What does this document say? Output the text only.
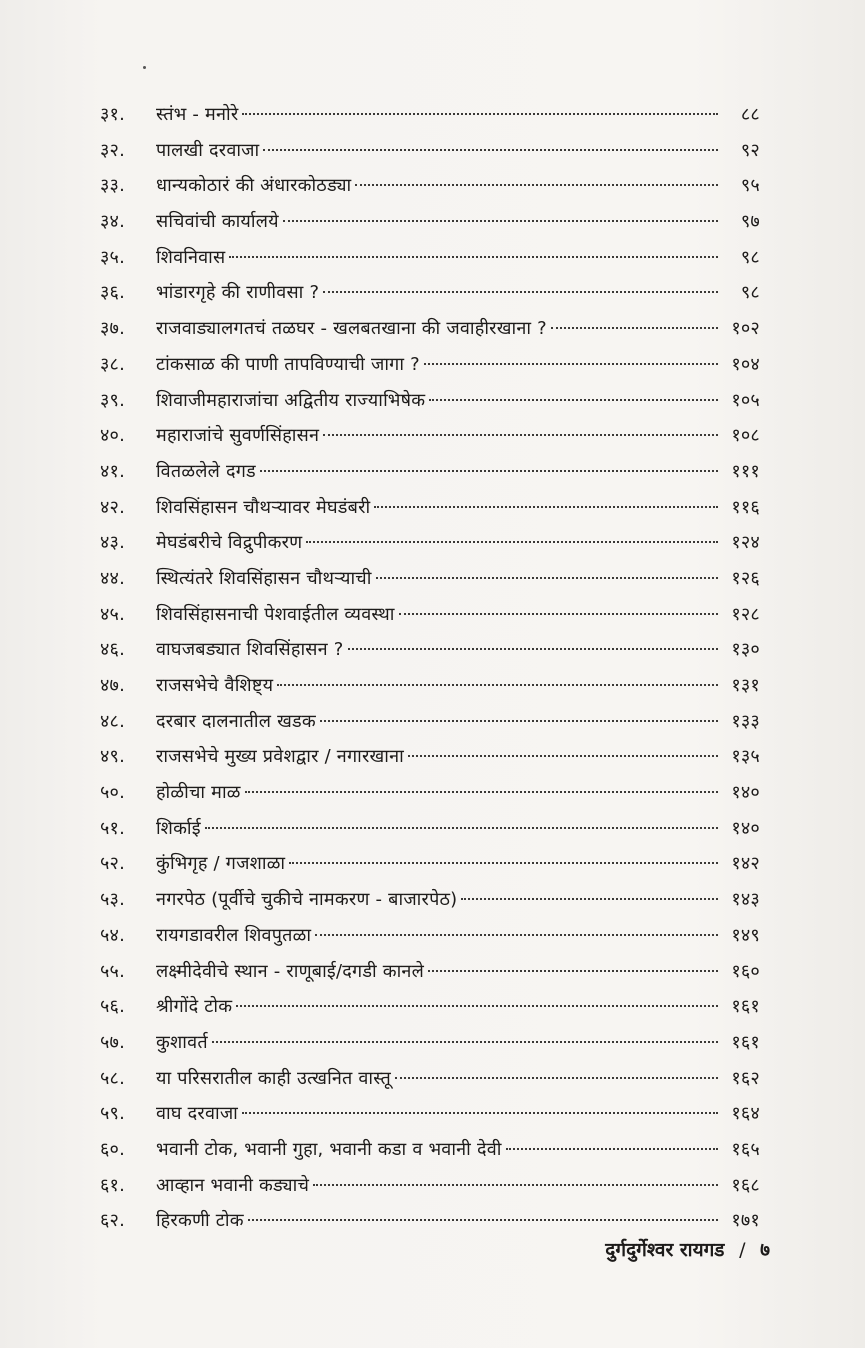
३१.	स्तंभ - मनोरे	८८
३२.	पालखी दरवाजा	९२
३३.	धान्यकोठारं की अंधारकोठड्या	९५
३४.	सचिवांची कार्यालये	९७
३५.	शिवनिवास	९८
३६.	भांडारगृहे की राणीवसा ?	९८
३७.	राजवाड्यालगतचं तळघर - खलबतखाना की जवाहीरखाना ?	१०२
३८.	टांकसाळ की पाणी तापविण्याची जागा ?	१०४
३९.	शिवाजीमहाराजांचा अद्वितीय राज्याभिषेक	१०५
४०.	महाराजांचे सुवर्णसिंहासन	१०८
४१.	वितळलेले दगड	१११
४२.	शिवसिंहासन चौथऱ्यावर मेघडंबरी	११६
४३.	मेघडंबरीचे विद्रुपीकरण	१२४
४४.	स्थित्यंतरे शिवसिंहासन चौथऱ्याची	१२६
४५.	शिवसिंहासनाची पेशवाईतील व्यवस्था	१२८
४६.	वाघजबड्यात शिवसिंहासन ?	१३०
४७.	राजसभेचे वैशिष्ट्य	१३१
४८.	दरबार दालनातील खडक	१३३
४९.	राजसभेचे मुख्य प्रवेशद्वार / नगारखाना	१३५
५०.	होळीचा माळ	१४०
५१.	शिर्काई	१४०
५२.	कुंभिगृह / गजशाळा	१४२
५३.	नगरपेठ (पूर्वीचे चुकीचे नामकरण - बाजारपेठ)	१४३
५४.	रायगडावरील शिवपुतळा	१४९
५५.	लक्ष्मीदेवीचे स्थान - राणूबाई/दगडी कानले	१६०
५६.	श्रीगोंदे टोक	१६१
५७.	कुशावर्त	१६१
५८.	या परिसरातील काही उत्खनित वास्तू	१६२
५९.	वाघ दरवाजा	१६४
६०.	भवानी टोक, भवानी गुहा, भवानी कडा व भवानी देवी	१६५
६१.	आव्हान भवानी कड्याचे	१६८
६२.	हिरकणी टोक	१७१
दुर्गदुर्गेश्वर रायगड / ७
